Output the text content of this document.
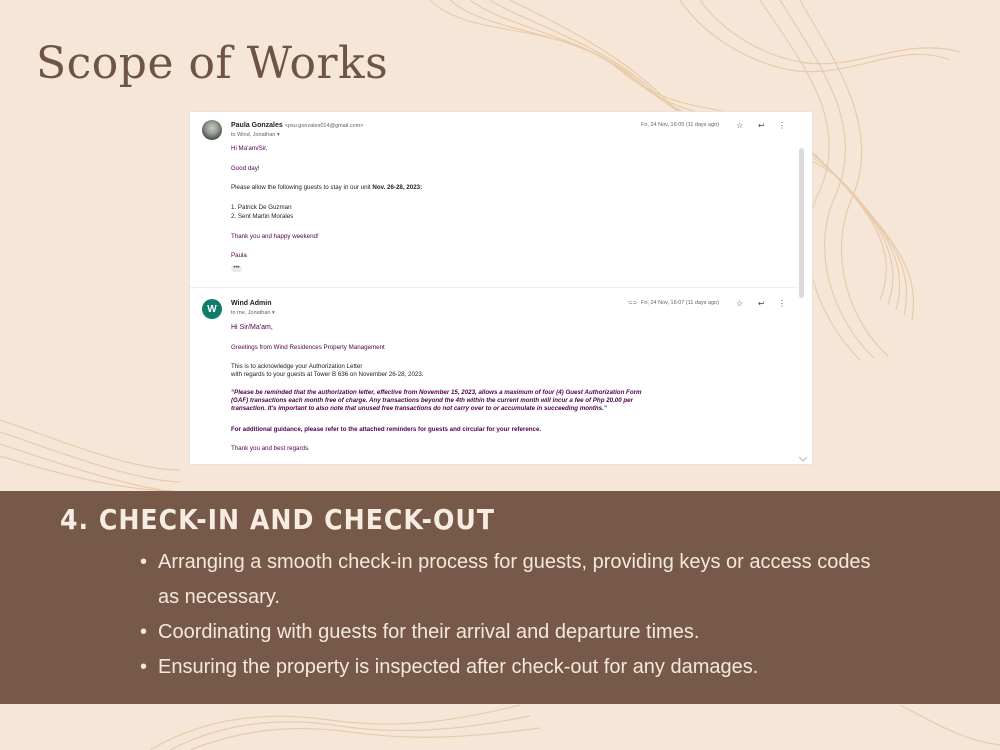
Scope of Works
Paula Gonzales <psu.gonzales014@gmail.com>
to Wind, Jonathan ▾
Fri, 24 Nov, 16:05 (11 days ago) ☆ ↩ ⋮
Hi Ma'am/Sir,
Good day!
Please allow the following guests to stay in our unit Nov. 26-28, 2023:
1. Patrick De Guzman
2. Sent Martin Morales
Thank you and happy weekend!
Paula
•••
W	Wind Admin
to me, Jonathan ▾
⊂⊃ Fri, 24 Nov, 16:07 (11 days ago) ☆ ↩ ⋮
Hi Sir/Ma'am,
Greetings from Wind Residences Property Management
This is to acknowledge your Authorization Letter
with regards to your guests at Tower B 636 on November 26-28, 2023.
“Please be reminded that the authorization letter, effective from November 15, 2023, allows a maximum of four (4) Guest Authorization Form
(GAF) transactions each month free of charge. Any transactions beyond the 4th within the current month will incur a fee of Php 20.00 per
transaction. It's important to also note that unused free transactions do not carry over to or accumulate in succeeding months.”
For additional guidance, please refer to the attached reminders for guests and circular for your reference.
Thank you and best regards.
4. CHECK-IN AND CHECK-OUT
• Arranging a smooth check-in process for guests, providing keys or access codes as necessary.
• Coordinating with guests for their arrival and departure times.
• Ensuring the property is inspected after check-out for any damages.
